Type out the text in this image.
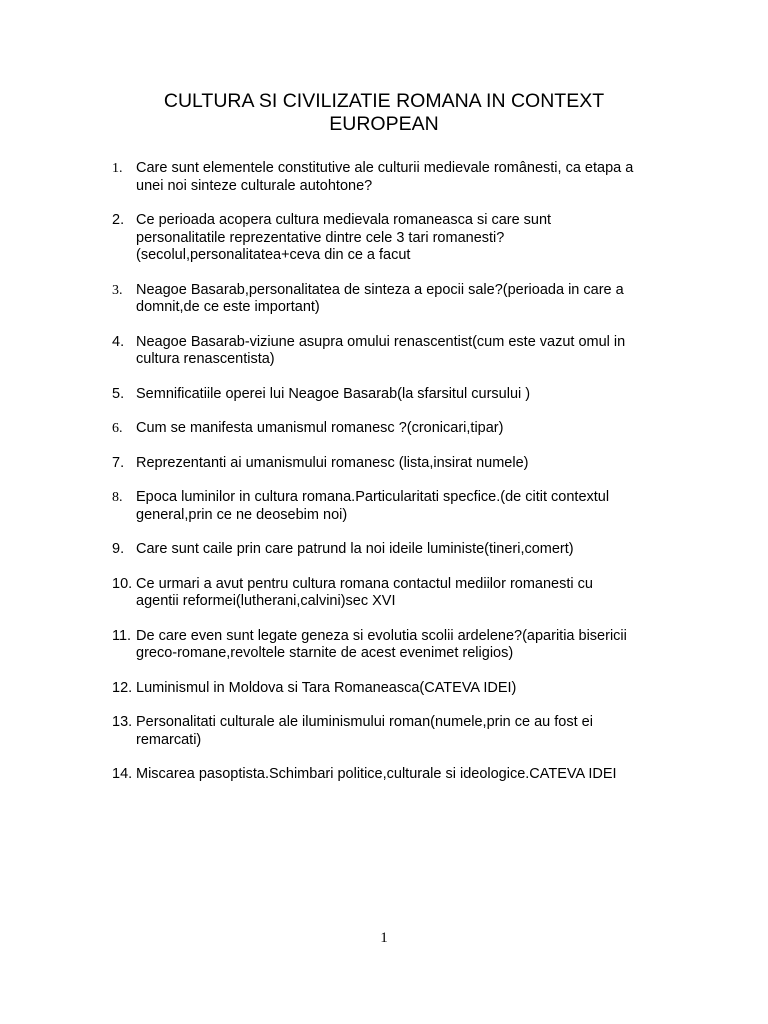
CULTURA SI CIVILIZATIE ROMANA IN CONTEXT
EUROPEAN
1. Care sunt elementele constitutive ale culturii medievale românesti, ca etapa a
unei noi sinteze culturale autohtone?
2. Ce perioada acopera cultura medievala romaneasca si care sunt
personalitatile reprezentative dintre cele 3 tari romanesti?
(secolul,personalitatea+ceva din ce a facut
3. Neagoe Basarab,personalitatea de sinteza a epocii sale?(perioada in care a
domnit,de ce este important)
4. Neagoe Basarab-viziune asupra omului renascentist(cum este vazut omul in
cultura renascentista)
5. Semnificatiile operei lui Neagoe Basarab(la sfarsitul cursului )
6. Cum se manifesta umanismul romanesc ?(cronicari,tipar)
7. Reprezentanti ai umanismului romanesc (lista,insirat numele)
8. Epoca luminilor in cultura romana.Particularitati specfice.(de citit contextul
general,prin ce ne deosebim noi)
9. Care sunt caile prin care patrund la noi ideile luministe(tineri,comert)
10. Ce urmari a avut pentru cultura romana contactul mediilor romanesti cu
agentii reformei(lutherani,calvini)sec XVI
11. De care even sunt legate geneza si evolutia scolii ardelene?(aparitia bisericii
greco-romane,revoltele starnite de acest evenimet religios)
12. Luminismul in Moldova si Tara Romaneasca(CATEVA IDEI)
13. Personalitati culturale ale iluminismului roman(numele,prin ce au fost ei
remarcati)
14. Miscarea pasoptista.Schimbari politice,culturale si ideologice.CATEVA IDEI
1
